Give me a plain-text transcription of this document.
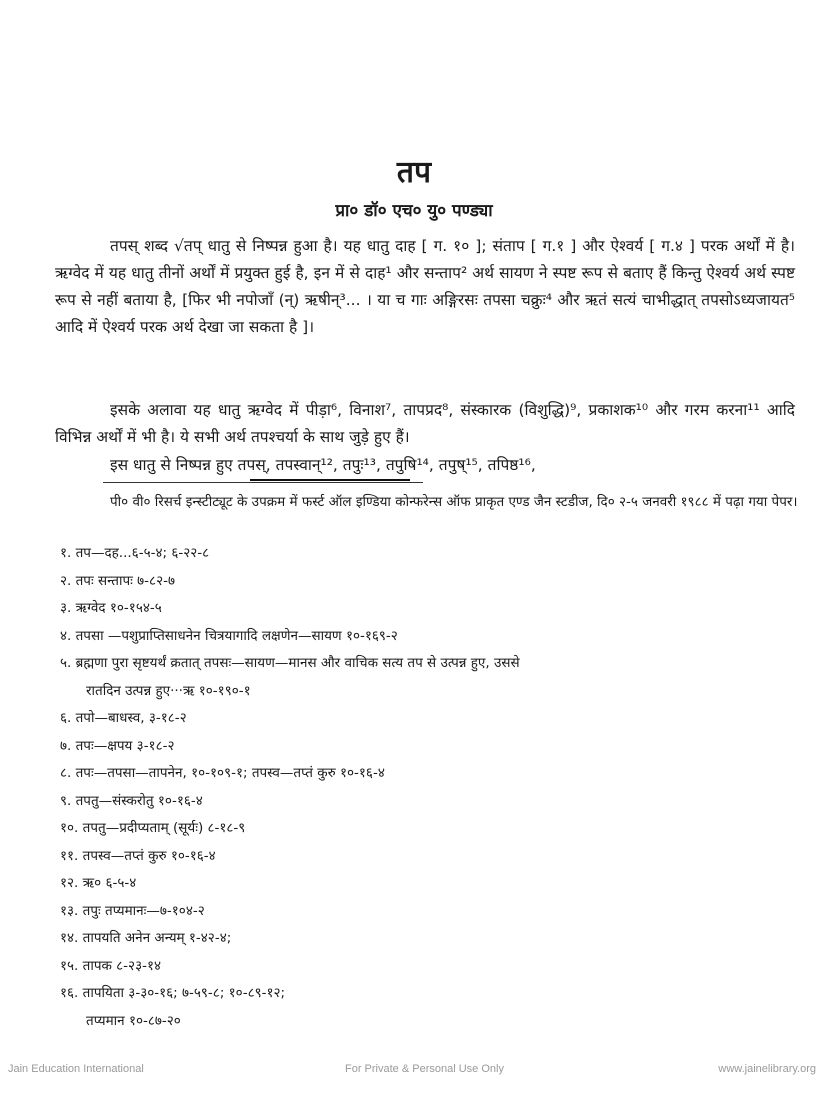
तप
प्रा० डॉ० एच० यु० पण्ड्या

तपस् शब्द √तप् धातु से निष्पन्न हुआ है। यह धातु दाह [ ग. १० ]; संताप [ ग.१ ] और ऐश्वर्य [ ग.४ ] परक अर्थों में है। ऋग्वेद में यह धातु तीनों अर्थों में प्रयुक्त हुई है, इन में से दाह¹ और सन्ताप² अर्थ सायण ने स्पष्ट रूप से बताए हैं किन्तु ऐश्वर्य अर्थ स्पष्ट रूप से नहीं बताया है, [फिर भी नपोजाँ (न्) ऋषीन्³... । या च गाः अङ्गिरसः तपसा चक्रुः⁴ और ऋतं सत्यं चाभीद्धात् तपसोऽध्यजायत⁵ आदि में ऐश्वर्य परक अर्थ देखा जा सकता है ]।

इसके अलावा यह धातु ऋग्वेद में पीड़ा⁶, विनाश⁷, तापप्रद⁸, संस्कारक (विशुद्धि)⁹, प्रकाशक¹⁰ और गरम करना¹¹ आदि विभिन्न अर्थों में भी है। ये सभी अर्थ तपश्चर्या के साथ जुड़े हुए हैं।

इस धातु से निष्पन्न हुए तपस्, तपस्वान्¹², तपुः¹³, तपुषि¹⁴, तपुष्¹⁵, तपिष्ठ¹⁶,
पी० वी० रिसर्च इन्स्टीट्यूट के उपक्रम में फर्स्ट ऑल इण्डिया कोन्फरेन्स ऑफ प्राकृत एण्ड जैन स्टडीज, दि० २-५ जनवरी १९८८ में पढ़ा गया पेपर।
१. तप—दह...६-५-४; ६-२२-८
२. तपः सन्तापः ७-८२-७
३. ऋग्वेद १०-१५४-५
४. तपसा —पशुप्राप्तिसाधनेन चित्रयागादि लक्षणेन—सायण १०-१६९-२
५. ब्रह्मणा पुरा सृष्टयर्थं क्रतात् तपसः—सायण—मानस और वाचिक सत्य तप से उत्पन्न हुए, उससे
रातदिन उत्पन्न हुए···ऋ १०-१९०-१
६. तपो—बाधस्व, ३-१८-२
७. तपः—क्षपय ३-१८-२
८. तपः—तपसा—तापनेन, १०-१०९-१; तपस्व—तप्तं कुरु १०-१६-४
९. तपतु—संस्करोतु १०-१६-४
१०. तपतु—प्रदीप्यताम् (सूर्यः) ८-१८-९
११. तपस्व—तप्तं कुरु १०-१६-४
१२. ऋ० ६-५-४
१३. तपुः तप्यमानः—७-१०४-२
१४. तापयति अनेन अन्यम् १-४२-४;
१५. तापक ८-२३-१४
१६. तापयिता ३-३०-१६; ७-५९-८; १०-८९-१२;
तप्यमान १०-८७-२०
Jain Education International	For Private & Personal Use Only	www.jainelibrary.org
